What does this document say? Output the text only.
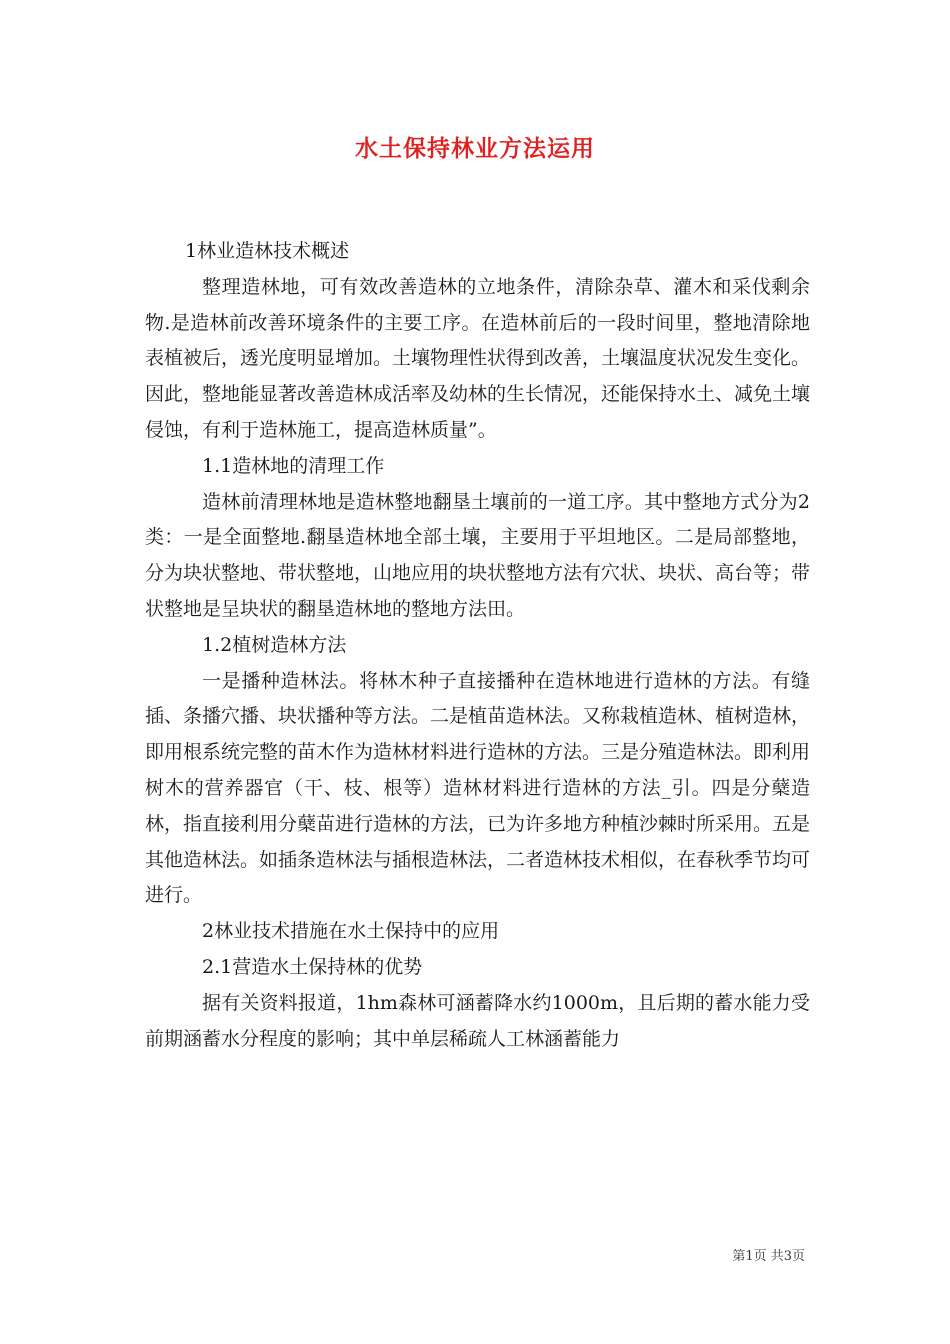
水土保持林业方法运用

1林业造林技术概述

整理造林地，可有效改善造林的立地条件，清除杂草、灌木和采伐剩余物.是造林前改善环境条件的主要工序。在造林前后的一段时间里，整地清除地表植被后，透光度明显增加。土壤物理性状得到改善，土壤温度状况发生变化。因此，整地能显著改善造林成活率及幼林的生长情况，还能保持水土、减免土壤侵蚀，有利于造林施工，提高造林质量”。

1.1造林地的清理工作

造林前清理林地是造林整地翻垦土壤前的一道工序。其中整地方式分为2类：一是全面整地.翻垦造林地全部土壤，主要用于平坦地区。二是局部整地，分为块状整地、带状整地，山地应用的块状整地方法有穴状、块状、高台等；带状整地是呈块状的翻垦造林地的整地方法田。

1.2植树造林方法

一是播种造林法。将林木种子直接播种在造林地进行造林的方法。有缝插、条播穴播、块状播种等方法。二是植苗造林法。又称栽植造林、植树造林，即用根系统完整的苗木作为造林材料进行造林的方法。三是分殖造林法。即利用树木的营养器官（干、枝、根等）造林材料进行造林的方法_引。四是分蘖造林，指直接利用分蘖苗进行造林的方法，已为许多地方种植沙棘时所采用。五是其他造林法。如插条造林法与插根造林法，二者造林技术相似，在春秋季节均可进行。

2林业技术措施在水土保持中的应用

2.1营造水土保持林的优势

据有关资料报道，1hm森林可涵蓄降水约1000m，且后期的蓄水能力受前期涵蓄水分程度的影响；其中单层稀疏人工林涵蓄能力

第1页 共3页
